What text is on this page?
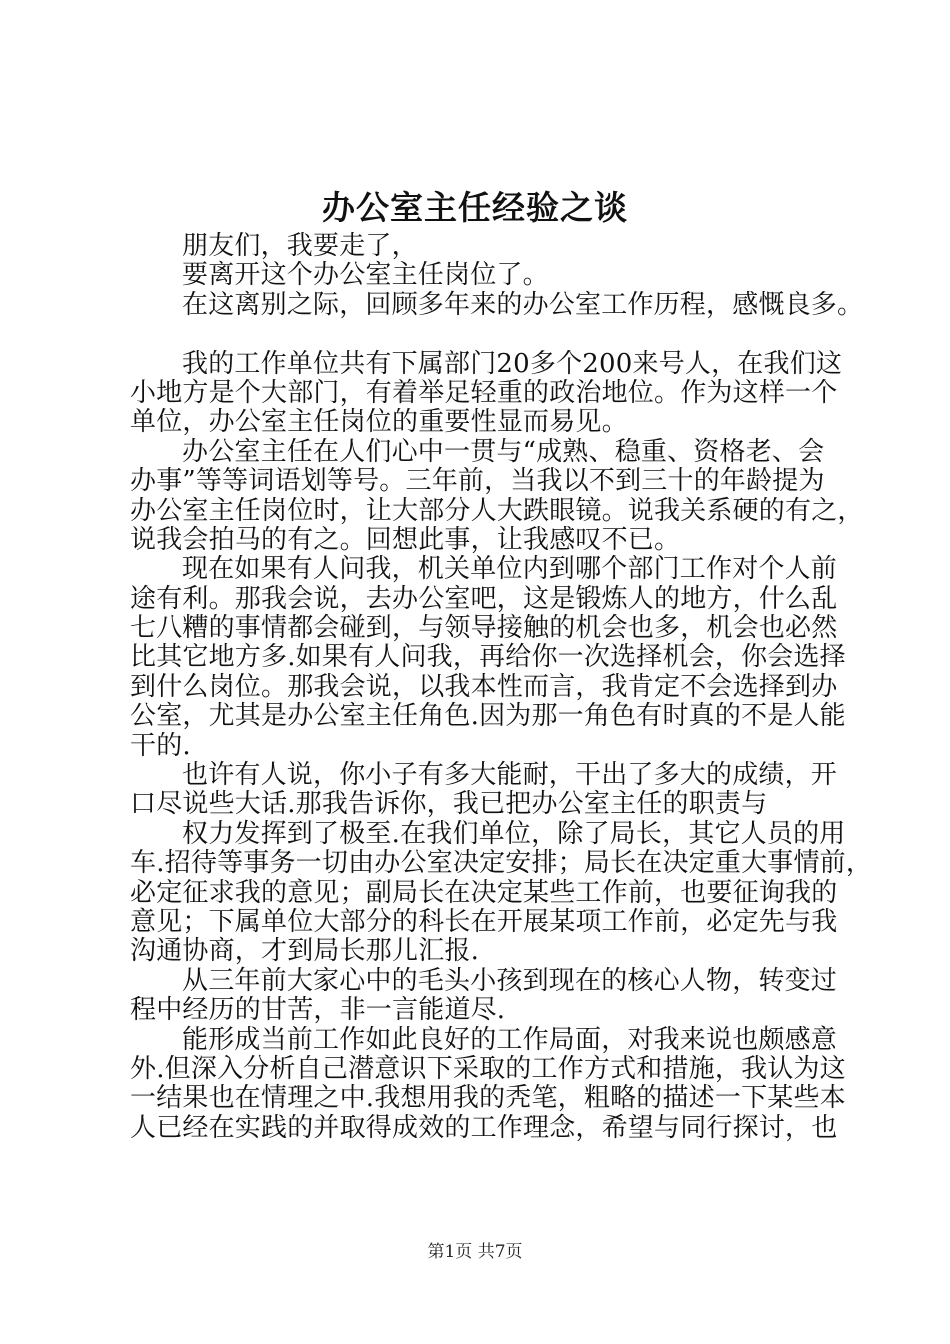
办公室主任经验之谈
朋友们，我要走了，
要离开这个办公室主任岗位了。
在这离别之际，回顾多年来的办公室工作历程，感慨良多。
我的工作单位共有下属部门20多个200来号人，在我们这
小地方是个大部门，有着举足轻重的政治地位。作为这样一个
单位，办公室主任岗位的重要性显而易见。
办公室主任在人们心中一贯与“成熟、稳重、资格老、会
办事”等等词语划等号。三年前，当我以不到三十的年龄提为
办公室主任岗位时，让大部分人大跌眼镜。说我关系硬的有之，
说我会拍马的有之。回想此事，让我感叹不已。
现在如果有人问我，机关单位内到哪个部门工作对个人前
途有利。那我会说，去办公室吧，这是锻炼人的地方，什么乱
七八糟的事情都会碰到，与领导接触的机会也多，机会也必然
比其它地方多.如果有人问我，再给你一次选择机会，你会选择
到什么岗位。那我会说，以我本性而言，我肯定不会选择到办
公室，尤其是办公室主任角色.因为那一角色有时真的不是人能
干的.
也许有人说，你小子有多大能耐，干出了多大的成绩，开
口尽说些大话.那我告诉你，我已把办公室主任的职责与
权力发挥到了极至.在我们单位，除了局长，其它人员的用
车.招待等事务一切由办公室决定安排；局长在决定重大事情前，
必定征求我的意见；副局长在决定某些工作前，也要征询我的
意见；下属单位大部分的科长在开展某项工作前，必定先与我
沟通协商，才到局长那儿汇报.
从三年前大家心中的毛头小孩到现在的核心人物，转变过
程中经历的甘苦，非一言能道尽.
能形成当前工作如此良好的工作局面，对我来说也颇感意
外.但深入分析自己潜意识下采取的工作方式和措施，我认为这
一结果也在情理之中.我想用我的秃笔，粗略的描述一下某些本
人已经在实践的并取得成效的工作理念，希望与同行探讨，也
第1页 共7页
